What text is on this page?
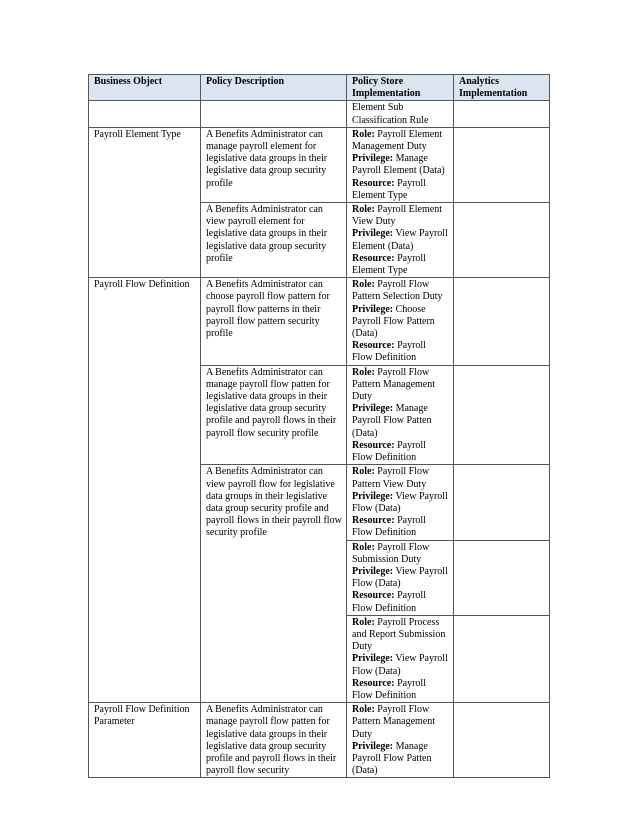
Business Object	Policy Description	Policy Store Implementation	Analytics Implementation
		Element Sub Classification Rule	
Payroll Element Type	A Benefits Administrator can manage payroll element for legislative data groups in their legislative data group security profile	Role: Payroll Element Management Duty
Privilege: Manage Payroll Element (Data)
Resource: Payroll Element Type	

	A Benefits Administrator can view payroll element for legislative data groups in their legislative data group security profile	Role: Payroll Element View Duty
Privilege: View Payroll Element (Data)
Resource: Payroll Element Type	

Payroll Flow Definition	A Benefits Administrator can choose payroll flow pattern for payroll flow patterns in their payroll flow pattern security profile	Role: Payroll Flow Pattern Selection Duty
Privilege: Choose Payroll Flow Pattern (Data)
Resource: Payroll Flow Definition	

	A Benefits Administrator can manage payroll flow patten for legislative data groups in their legislative data group security profile and payroll flows in their payroll flow security profile	Role: Payroll Flow Pattern Management Duty
Privilege: Manage Payroll Flow Patten (Data)
Resource: Payroll Flow Definition	

	A Benefits Administrator can view payroll flow for legislative data groups in their legislative data group security profile and payroll flows in their payroll flow security profile	Role: Payroll Flow Pattern View Duty
Privilege: View Payroll Flow (Data)
Resource: Payroll Flow Definition	

		Role: Payroll Flow Submission Duty
Privilege: View Payroll Flow (Data)
Resource: Payroll Flow Definition	

		Role: Payroll Process and Report Submission Duty
Privilege: View Payroll Flow (Data)
Resource: Payroll Flow Definition	

Payroll Flow Definition Parameter	A Benefits Administrator can manage payroll flow patten for legislative data groups in their legislative data group security profile and payroll flows in their payroll flow security	Role: Payroll Flow Pattern Management Duty
Privilege: Manage Payroll Flow Patten (Data)	
